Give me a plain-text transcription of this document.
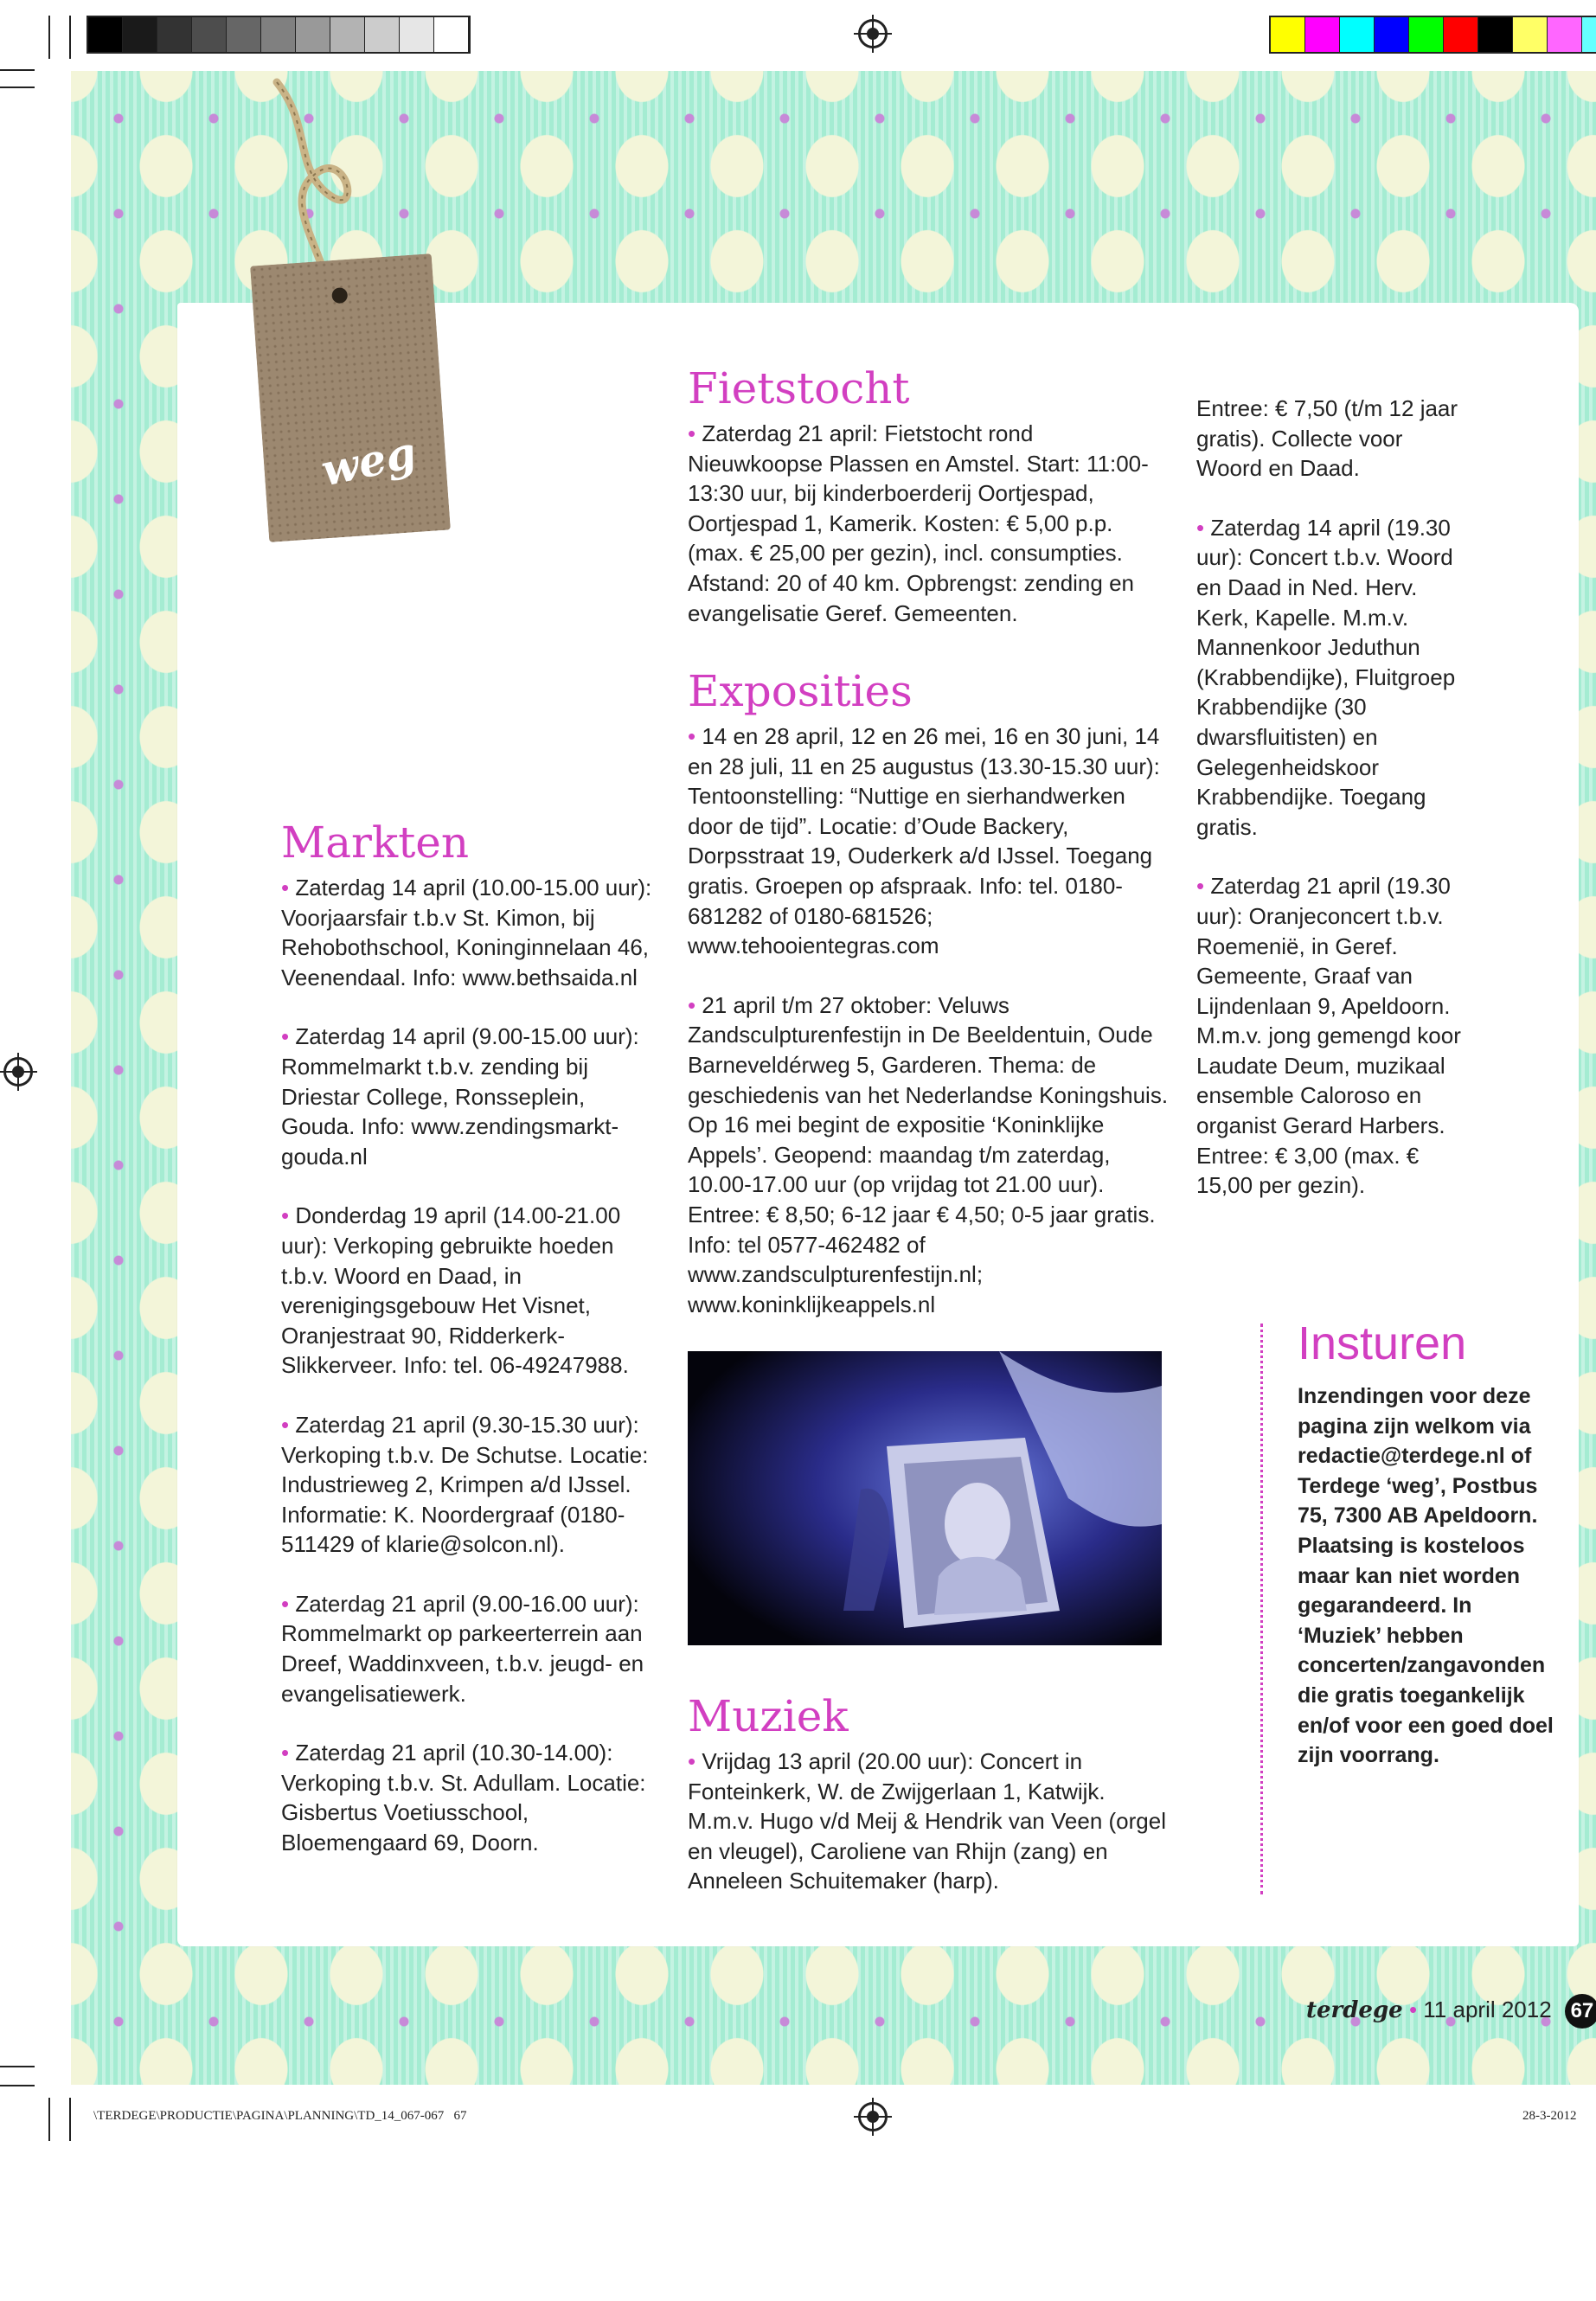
weg
Markten

• Zaterdag 14 april (10.00-15.00 uur): Voorjaarsfair t.b.v St. Kimon, bij Rehobothschool, Koninginnelaan 46, Veenendaal. Info: www.bethsaida.nl

• Zaterdag 14 april (9.00-15.00 uur): Rommelmarkt t.b.v. zending bij Driestar College, Ronsseplein, Gouda. Info: www.zendingsmarkt-gouda.nl

• Donderdag 19 april (14.00-21.00 uur): Verkoping gebruikte hoeden t.b.v. Woord en Daad, in verenigingsgebouw Het Visnet, Oranjestraat 90, Ridderkerk-Slikkerveer. Info: tel. 06-49247988.

• Zaterdag 21 april (9.30-15.30 uur): Verkoping t.b.v. De Schutse. Locatie: Industrieweg 2, Krimpen a/d IJssel. Informatie: K. Noordergraaf (0180-511429 of klarie@solcon.nl).

• Zaterdag 21 april (9.00-16.00 uur): Rommelmarkt op parkeerterrein aan Dreef, Waddinxveen, t.b.v. jeugd- en evangelisatiewerk.

• Zaterdag 21 april (10.30-14.00): Verkoping t.b.v. St. Adullam. Locatie: Gisbertus Voetiusschool, Bloemengaard 69, Doorn.

Fietstocht

• Zaterdag 21 april: Fietstocht rond Nieuwkoopse Plassen en Amstel. Start: 11:00-13:30 uur, bij kinderboerderij Oortjespad, Oortjespad 1, Kamerik. Kosten: € 5,00 p.p. (max. € 25,00 per gezin), incl. consumpties. Afstand: 20 of 40 km. Opbrengst: zending en evangelisatie Geref. Gemeenten.

Exposities

• 14 en 28 april, 12 en 26 mei, 16 en 30 juni, 14 en 28 juli, 11 en 25 augustus (13.30-15.30 uur): Tentoonstelling: “Nuttige en sierhandwerken door de tijd”. Locatie: d’Oude Backery, Dorpsstraat 19, Ouderkerk a/d IJssel. Toegang gratis. Groepen op afspraak. Info: tel. 0180-681282 of 0180-681526; www.tehooientegras.com

• 21 april t/m 27 oktober: Veluws Zandsculpturenfestijn in De Beeldentuin, Oude Barneveldérweg 5, Garderen. Thema: de geschiedenis van het Nederlandse Koningshuis. Op 16 mei begint de expositie ‘Koninklijke Appels’. Geopend: maandag t/m zaterdag, 10.00-17.00 uur (op vrijdag tot 21.00 uur). Entree: € 8,50; 6-12 jaar € 4,50; 0-5 jaar gratis. Info: tel 0577-462482 of www.zandsculpturenfestijn.nl; www.koninklijkeappels.nl

Muziek

• Vrijdag 13 april (20.00 uur): Concert in Fonteinkerk, W. de Zwijgerlaan 1, Katwijk. M.m.v. Hugo v/d Meij & Hendrik van Veen (orgel en vleugel), Caroliene van Rhijn (zang) en Anneleen Schuitemaker (harp).

Entree: € 7,50 (t/m 12 jaar gratis). Collecte voor Woord en Daad.

• Zaterdag 14 april (19.30 uur): Concert t.b.v. Woord en Daad in Ned. Herv. Kerk, Kapelle. M.m.v. Mannenkoor Jeduthun (Krabbendijke), Fluitgroep Krabbendijke (30 dwarsfluitisten) en Gelegenheidskoor Krabbendijke. Toegang gratis.

• Zaterdag 21 april (19.30 uur): Oranjeconcert t.b.v. Roemenië, in Geref. Gemeente, Graaf van Lijndenlaan 9, Apeldoorn. M.m.v. jong gemengd koor Laudate Deum, muzikaal ensemble Caloroso en organist Gerard Harbers. Entree: € 3,00 (max. € 15,00 per gezin).

Insturen

Inzendingen voor deze pagina zijn welkom via redactie@terdege.nl of Terdege ‘weg’, Postbus 75, 7300 AB Apeldoorn. Plaatsing is kosteloos maar kan niet worden gegarandeerd. In ‘Muziek’ hebben concerten/zangavonden die gratis toegankelijk en/of voor een goed doel zijn voorrang.

terdege • 11 april 2012 67
\TERDEGE\PRODUCTIE\PAGINA\PLANNING\TD_14_067-067 67	28-3-2012
